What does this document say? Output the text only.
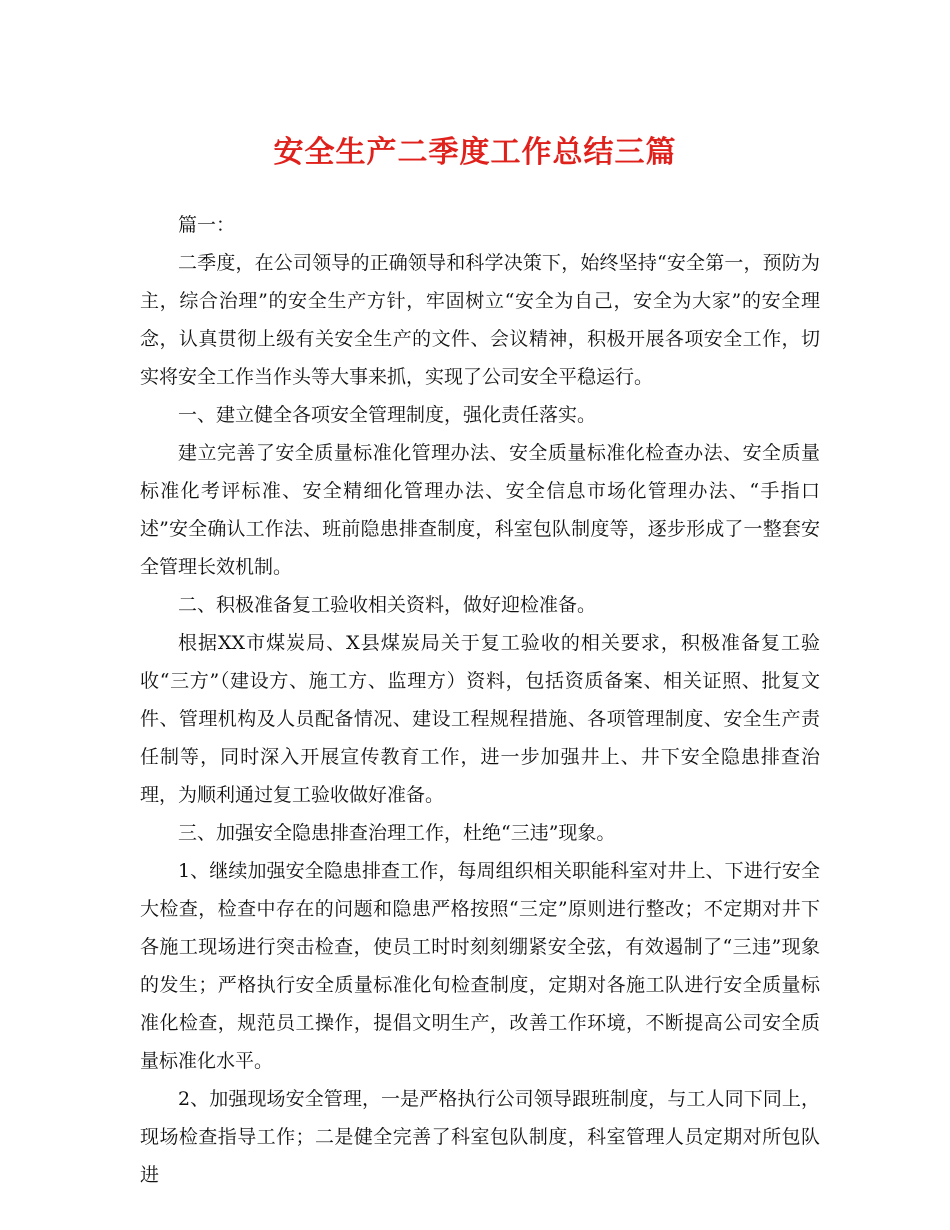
安全生产二季度工作总结三篇

篇一：

二季度，在公司领导的正确领导和科学决策下，始终坚持“安全第一，预防为主，综合治理”的安全生产方针，牢固树立“安全为自己，安全为大家”的安全理念，认真贯彻上级有关安全生产的文件、会议精神，积极开展各项安全工作，切实将安全工作当作头等大事来抓，实现了公司安全平稳运行。

一、建立健全各项安全管理制度，强化责任落实。

建立完善了安全质量标准化管理办法、安全质量标准化检查办法、安全质量标准化考评标准、安全精细化管理办法、安全信息市场化管理办法、“手指口述”安全确认工作法、班前隐患排查制度，科室包队制度等，逐步形成了一整套安全管理长效机制。

二、积极准备复工验收相关资料，做好迎检准备。

根据XX市煤炭局、X县煤炭局关于复工验收的相关要求，积极准备复工验收“三方”（建设方、施工方、监理方）资料，包括资质备案、相关证照、批复文件、管理机构及人员配备情况、建设工程规程措施、各项管理制度、安全生产责任制等，同时深入开展宣传教育工作，进一步加强井上、井下安全隐患排查治理，为顺利通过复工验收做好准备。

三、加强安全隐患排查治理工作，杜绝“三违”现象。

1、继续加强安全隐患排查工作，每周组织相关职能科室对井上、下进行安全大检查，检查中存在的问题和隐患严格按照“三定”原则进行整改；不定期对井下各施工现场进行突击检查，使员工时时刻刻绷紧安全弦，有效遏制了“三违”现象的发生；严格执行安全质量标准化旬检查制度，定期对各施工队进行安全质量标准化检查，规范员工操作，提倡文明生产，改善工作环境，不断提高公司安全质量标准化水平。

2、加强现场安全管理，一是严格执行公司领导跟班制度，与工人同下同上，现场检查指导工作；二是健全完善了科室包队制度，科室管理人员定期对所包队进
